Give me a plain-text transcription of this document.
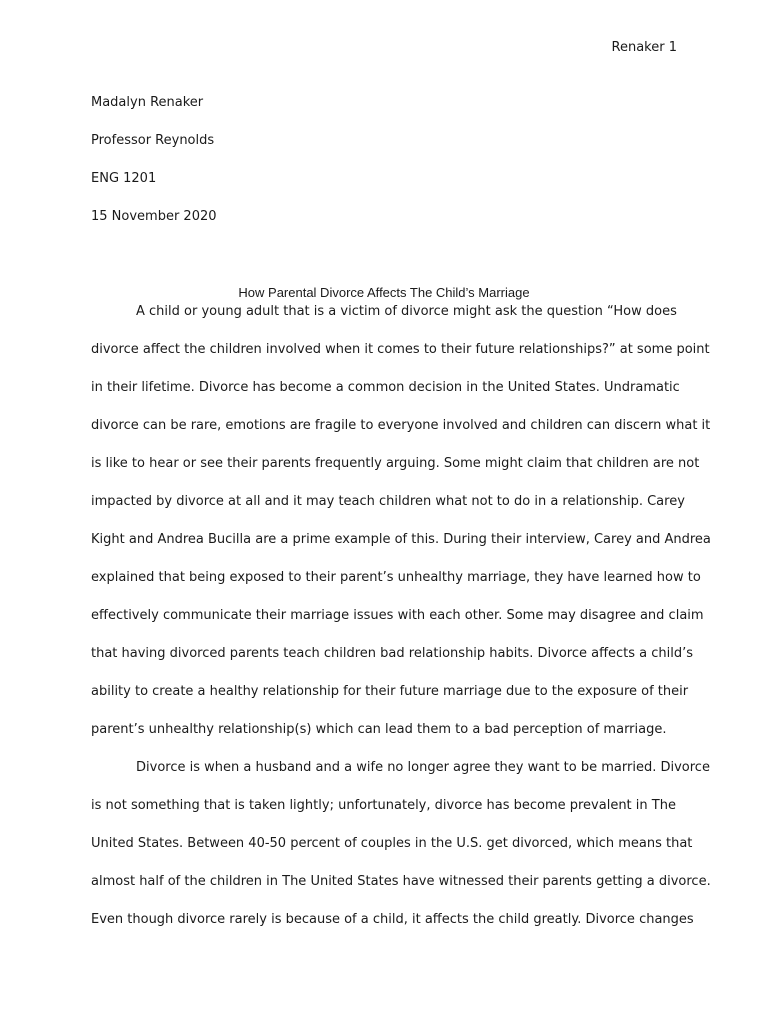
Renaker 1
Madalyn Renaker
Professor Reynolds
ENG 1201
15 November 2020
How Parental Divorce Affects The Child’s Marriage
A child or young adult that is a victim of divorce might ask the question “How does
divorce affect the children involved when it comes to their future relationships?” at some point
in their lifetime. Divorce has become a common decision in the United States. Undramatic
divorce can be rare, emotions are fragile to everyone involved and children can discern what it
is like to hear or see their parents frequently arguing. Some might claim that children are not
impacted by divorce at all and it may teach children what not to do in a relationship. Carey
Kight and Andrea Bucilla are a prime example of this. During their interview, Carey and Andrea
explained that being exposed to their parent’s unhealthy marriage, they have learned how to
effectively communicate their marriage issues with each other. Some may disagree and claim
that having divorced parents teach children bad relationship habits. Divorce affects a child’s
ability to create a healthy relationship for their future marriage due to the exposure of their
parent’s unhealthy relationship(s) which can lead them to a bad perception of marriage.
Divorce is when a husband and a wife no longer agree they want to be married. Divorce
is not something that is taken lightly; unfortunately, divorce has become prevalent in The
United States. Between 40-50 percent of couples in the U.S. get divorced, which means that
almost half of the children in The United States have witnessed their parents getting a divorce.
Even though divorce rarely is because of a child, it affects the child greatly. Divorce changes
